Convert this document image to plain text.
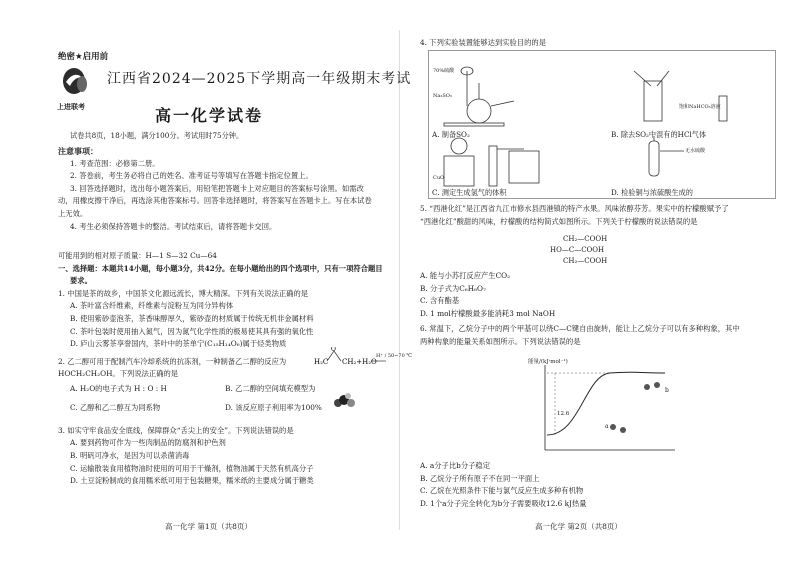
绝密★启用前
上进联考
江西省2024—2025下学期高一年级期末考试
高一化学试卷
试卷共8页，18小题，满分100分。考试用时75分钟。
注意事项：
1. 考查范围：必修第二册。
2. 答卷前，考生务必将自己的姓名、准考证号等填写在答题卡指定位置上。
3. 回答选择题时，选出每小题答案后，用铅笔把答题卡上对应题目的答案标号涂黑。如需改
动，用橡皮擦干净后，再选涂其他答案标号。回答非选择题时，将答案写在答题卡上。写在本试卷
上无效。
4. 考生必须保持答题卡的整洁。考试结束后，请将答题卡交回。
可能用到的相对原子质量：H—1 S—32 Cu—64
一、选择题：本题共14小题，每小题3分，共42分。在每小题给出的四个选项中，只有一项符合题目
要求。
1. 中国是茶的故乡，中国茶文化源远流长，博大精深。下列有关说法正确的是
A. 茶叶富含纤维素，纤维素与淀粉互为同分异构体
B. 使用紫砂壶泡茶，茶香味醇厚久，紫砂壶的材质属于传统无机非金属材料
C. 茶叶包装时使用抽入氮气，因为氮气化学性质的极易使其具有强的氧化性
D. 庐山云雾茶享誉国内，茶叶中的茶单宁(C₁₅H₁₄O₆)属于烃类物质
2. 乙二醇可用于配制汽车冷却系统的抗冻剂，一种制备乙二醇的反应为	H₂C
O
CH₂+H₂O
H⁺ / 50~70 ℃
HOCH₂CH₂OH。下列说法正确的是
A. H₂O的电子式为 H : O : H	B. 乙二醇的空间填充模型为
C. 乙醇和乙二醇互为同系物	D. 该反应原子利用率为100%
3. 如实守牢食品安全底线，保障群众“舌尖上的安全”。下列说法错误的是
A. 要到药物可作为一些肉制品的防腐剂和护色剂
B. 明矾可净水，是因为可以杀菌消毒
C. 运输散装食用植物油时使用的可用于干燥剂，植物油属于天然有机高分子
D. 土豆淀粉制成的食用糯米纸可用于包装糖果，糯米纸的主要成分属于糖类
高一化学 第1页（共8页）
4. 下列实验装置能够达到实验目的的是
70%硫酸
Na₂SO₃
饱和NaHCO₃溶液
CuO
无水硫酸
A. 制备SO₂	B. 除去SO₂中混有的HCl气体
C. 测定生成氢气的体积	D. 检验铜与浓硫酸生成的
5. “西港化红”是江西省九江市修水县西港镇的特产水果。风味浓醇芬芳。果实中的柠檬酸赋予了
“西港化红”酸甜的风味，柠檬酸的结构简式如图所示。下列关于柠檬酸的说法错误的是
CH₂—COOH
HO—C—COOH
CH₂—COOH
A. 能与小苏打反应产生CO₂
B. 分子式为C₆H₈O₇
C. 含有酯基
D. 1 mol柠檬酸最多能消耗3 mol NaOH
6. 常温下，乙烷分子中的两个甲基可以绕C—C键自由旋转，能让上乙烷分子可以有多种构象，其中
两种构象的能量关系如图所示。下列说法错误的是
能量/(kJ·mol⁻¹)
12.6
a
b
A. a分子比b分子稳定
B. 乙烷分子所有原子不在同一平面上
C. 乙烷在光照条件下能与氯气反应生成多种有机物
D. 1个a分子完全转化为b分子需要吸收12.6 kJ热量
高一化学 第2页（共8页）
